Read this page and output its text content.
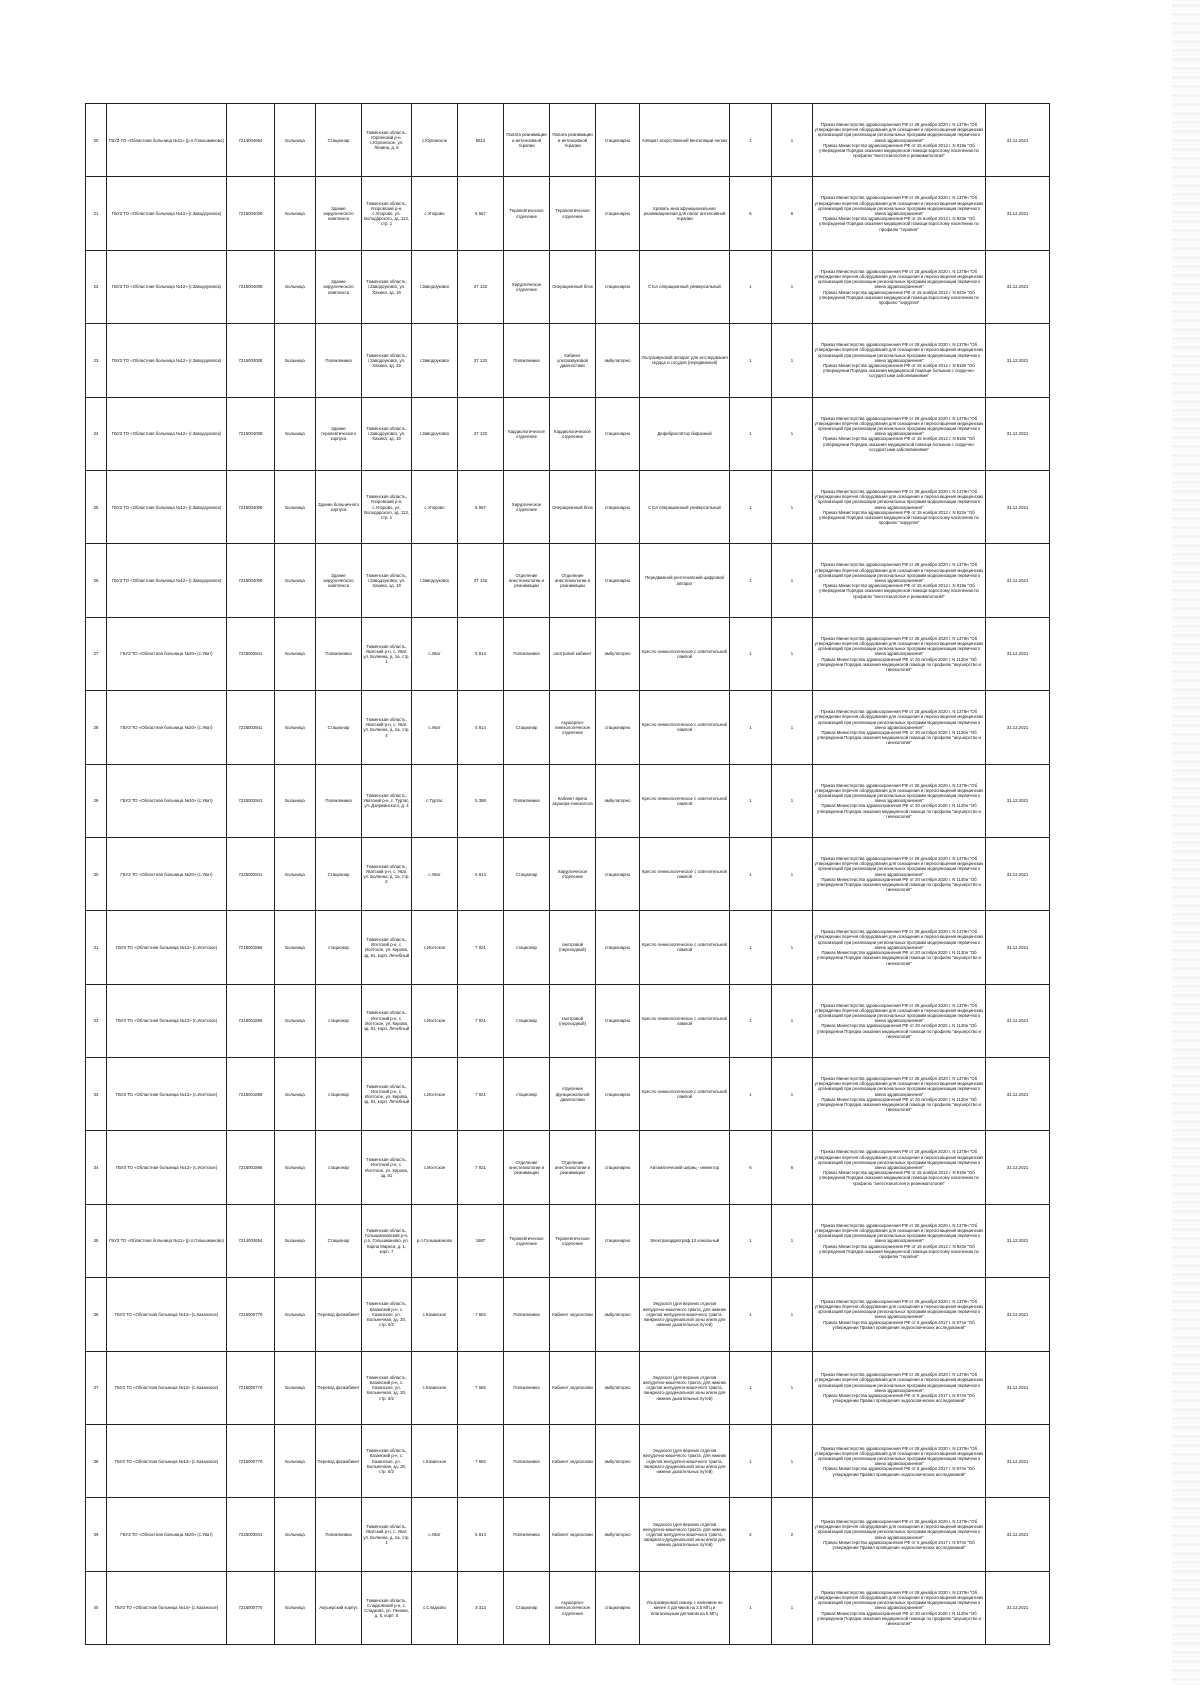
20	ГБУЗ ТО «Областная больница №11» (р.п.Голышманово)	7214004654	Больница	Стационар	Тюменская область, Юргинский р-н, с.Юргинское, ул. Ленина, д. 5	с.Юргинское	5612	Палата реанимации и интенсивной терапии	Палата реанимации и интенсивной терапии	стационарно	Аппарат искусственной вентиляции легких	1	1	Приказ Министерства здравоохранения РФ от 28 декабря 2020 г. N 1379н "Об утверждении перечня оборудования для оснащения и переоснащения медицинских организаций при реализации региональных программ модернизации первичного звена здравоохранения"
Приказ Министерства здравоохранения РФ от 15 ноября 2012 г. N 919н "Об утверждении Порядка оказания медицинской помощи взрослому населению по профилю "анестезиология и реаниматология"	31.12.2021
21	ГБУЗ ТО «Областная больница №12» (г.Заводоуковск)	7215004008	Больница	Здание хирургического комплекса	Тюменская область, Упоровский р-н, с.Упорово, ул. Володарского, зд. 113, стр. 1	с.Упорово	6 567	Терапевтическое отделение	Терапевтическое отделение	стационарно	Кровать многофункциональная реанимационная для палат интенсивной терапии	6	6	Приказ Министерства здравоохранения РФ от 28 декабря 2020 г. N 1379н "Об утверждении перечня оборудования для оснащения и переоснащения медицинских организаций при реализации региональных программ модернизации первичного звена здравоохранения"
Приказ Министерства здравоохранения РФ от 15 ноября 2012 г. N 923н "Об утверждении Порядка оказания медицинской помощи взрослому населению по профилю "терапия"	31.12.2021
22	ГБУЗ ТО «Областная больница №12» (г.Заводоуковск)	7215004008	Больница	Здание хирургического комплекса	Тюменская область, г.Заводоуковск, ул. Хахина, зд. 19	г.Заводоуковск	27 132	Хирургическое отделение	Операционный блок	стационарно	Стол операционный универсальный	1	1	Приказ Министерства здравоохранения РФ от 28 декабря 2020 г. N 1379н "Об утверждении перечня оборудования для оснащения и переоснащения медицинских организаций при реализации региональных программ модернизации первичного звена здравоохранения"
Приказ Министерства здравоохранения РФ от 15 ноября 2012 г. N 922н "Об утверждении Порядка оказания медицинской помощи взрослому населению по профилю "хирургия"	31.12.2021
23	ГБУЗ ТО «Областная больница №12» (г.Заводоуковск)	7215004008	Больница	Поликлиника	Тюменская область, г.Заводоуковск, ул. Хахина, зд. 19	г.Заводоуковск	27 132	Поликлиника	Кабинет ультразвуковой диагностики	амбулаторно	Ультразвуковой аппарат для исследования сердца и сосудов (передвижной)	1	1	Приказ Министерства здравоохранения РФ от 28 декабря 2020 г. N 1379н "Об утверждении перечня оборудования для оснащения и переоснащения медицинских организаций при реализации региональных программ модернизации первичного звена здравоохранения"
Приказ Министерства здравоохранения РФ от 15 ноября 2012 г. N 918н "Об утверждении Порядка оказания медицинской помощи больным с сердечно-сосудистыми заболеваниями"	31.12.2021
24	ГБУЗ ТО «Областная больница №12» (г.Заводоуковск)	7215004008	Больница	Здание терапевтического корпуса	Тюменская область, г.Заводоуковск, ул. Хахина, зд. 19	г.Заводоуковск	27 132	Кардиологическое отделение	Кардиологическое отделение	стационарно	Дефибриллятор бифазный	1	1	Приказ Министерства здравоохранения РФ от 28 декабря 2020 г. N 1379н "Об утверждении перечня оборудования для оснащения и переоснащения медицинских организаций при реализации региональных программ модернизации первичного звена здравоохранения"
Приказ Министерства здравоохранения РФ от 15 ноября 2012 г. N 918н "Об утверждении Порядка оказания медицинской помощи больным с сердечно-сосудистыми заболеваниями"	31.12.2021
25	ГБУЗ ТО «Областная больница №12» (г.Заводоуковск)	7215004008	Больница	Здание больничного корпуса	Тюменская область, Упоровский р-н, с.Упорово, ул. Володарского, зд. 113, стр. 1	с.Упорово	6 567	Хирургическое отделение	Операционный блок	стационарно	Стол операционный универсальный	1	1	Приказ Министерства здравоохранения РФ от 28 декабря 2020 г. N 1379н "Об утверждении перечня оборудования для оснащения и переоснащения медицинских организаций при реализации региональных программ модернизации первичного звена здравоохранения"
Приказ Министерства здравоохранения РФ от 15 ноября 2012 г. N 922н "Об утверждении Порядка оказания медицинской помощи взрослому населению по профилю "хирургия"	31.12.2021
26	ГБУЗ ТО «Областная больница №12» (г.Заводоуковск)	7215004008	Больница	Здание хирургического комплекса	Тюменская область, г.Заводоуковск, ул. Хахина, зд. 19	г.Заводоуковск	27 132	Отделение анестезиологии и реанимации	Отделение анестезиологии и реанимации	стационарно	Передвижной рентгеновский цифровой аппарат	1	1	Приказ Министерства здравоохранения РФ от 28 декабря 2020 г. N 1379н "Об утверждении перечня оборудования для оснащения и переоснащения медицинских организаций при реализации региональных программ модернизации первичного звена здравоохранения"
Приказ Министерства здравоохранения РФ от 15 ноября 2012 г. N 919н "Об утверждении Порядка оказания медицинской помощи взрослому населению по профилю "анестезиология и реаниматология"	31.12.2021
27	ГБУЗ ТО «Областная больница №20» (с.Уват)	7225003941	Больница	Поликлиника	Тюменская область, Уватский р-н, с. Уват, ул. Болнина, д. 1а, стр. 1	с.Уват	5 814	Поликлиника	смотровой кабинет	амбулаторно	Кресло гинекологическое с осветительной лампой	1	1	Приказ Министерства здравоохранения РФ от 28 декабря 2020 г. N 1379н "Об утверждении перечня оборудования для оснащения и переоснащения медицинских организаций при реализации региональных программ модернизации первичного звена здравоохранения"
Приказ Министерства здравоохранения РФ от 20 октября 2020 г. N 1130н "Об утверждении Порядка оказания медицинской помощи по профилю "акушерство и гинекология"	31.12.2021
28	ГБУЗ ТО «Областная больница №20» (с.Уват)	7225003941	Больница	Стационар	Тюменская область, Уватский р-н, с. Уват, ул. Болнина, д. 1а, стр. 4	с.Уват	5 814	Стационар	Акушерско-гинекологическое отделение	стационарно	Кресло гинекологическое с осветительной лампой	1	1	Приказ Министерства здравоохранения РФ от 28 декабря 2020 г. N 1379н "Об утверждении перечня оборудования для оснащения и переоснащения медицинских организаций при реализации региональных программ модернизации первичного звена здравоохранения"
Приказ Министерства здравоохранения РФ от 20 октября 2020 г. N 1130н "Об утверждении Порядка оказания медицинской помощи по профилю "акушерство и гинекология"	31.12.2021
29	ГБУЗ ТО «Областная больница №20» (с.Уват)	7225003941	Больница	Поликлиника	Тюменская область, Уватский р-н, с. Туртас, ул. Дзержинского, д. 4	с.Туртас	5 388	Поликлиника	Кабинет врача акушера-гинеколога	амбулаторно	Кресло гинекологическое с осветительной лампой	1	1	Приказ Министерства здравоохранения РФ от 28 декабря 2020 г. N 1379н "Об утверждении перечня оборудования для оснащения и переоснащения медицинских организаций при реализации региональных программ модернизации первичного звена здравоохранения"
Приказ Министерства здравоохранения РФ от 20 октября 2020 г. N 1130н "Об утверждении Порядка оказания медицинской помощи по профилю "акушерство и гинекология"	31.12.2021
30	ГБУЗ ТО «Областная больница №20» (с.Уват)	7225003941	Больница	Стационар	Тюменская область, Уватский р-н, с. Уват, ул. Болнина, д. 1а, стр. 2	с.Уват	5 814	Стационар	Хирургическое отделение	стационарно	Кресло гинекологическое с осветительной лампой	1	1	Приказ Министерства здравоохранения РФ от 28 декабря 2020 г. N 1379н "Об утверждении перечня оборудования для оснащения и переоснащения медицинских организаций при реализации региональных программ модернизации первичного звена здравоохранения"
Приказ Министерства здравоохранения РФ от 20 октября 2020 г. N 1130н "Об утверждении Порядка оказания медицинской помощи по профилю "акушерство и гинекология"	31.12.2021
31	ГБУЗ ТО «Областная больница №13» (с.Исетское)	7218001866	Больница	стационар	Тюменская область, Исетский р-н, с. Исетское, ул. Кирова, зд. 81, корп. Лечебный	с.Исетское	7 921	стационар	смотровой (переходный)	стационарно	Кресло гинекологическое с осветительной лампой	1	1	Приказ Министерства здравоохранения РФ от 28 декабря 2020 г. N 1379н "Об утверждении перечня оборудования для оснащения и переоснащения медицинских организаций при реализации региональных программ модернизации первичного звена здравоохранения"
Приказ Министерства здравоохранения РФ от 20 октября 2020 г. N 1130н "Об утверждении Порядка оказания медицинской помощи по профилю "акушерство и гинекология"	31.12.2021
32	ГБУЗ ТО «Областная больница №13» (с.Исетское)	7218001866	Больница	стационар	Тюменская область, Исетский р-н, с. Исетское, ул. Кирова, зд. 81, корп. Лечебный	с.Исетское	7 921	стационар	смотровой (переходный)	стационарно	Кресло гинекологическое с осветительной лампой	1	1	Приказ Министерства здравоохранения РФ от 28 декабря 2020 г. N 1379н "Об утверждении перечня оборудования для оснащения и переоснащения медицинских организаций при реализации региональных программ модернизации первичного звена здравоохранения"
Приказ Министерства здравоохранения РФ от 20 октября 2020 г. N 1130н "Об утверждении Порядка оказания медицинской помощи по профилю "акушерство и гинекология"	31.12.2021
33	ГБУЗ ТО «Областная больница №13» (с.Исетское)	7218001866	Больница	стационар	Тюменская область, Исетский р-н, с. Исетское, ул. Кирова, зд. 81, корп. Лечебный	с.Исетское	7 921	стационар	отделение функциональной диагностики	стационарно	Кресло гинекологическое с осветительной лампой	1	1	Приказ Министерства здравоохранения РФ от 28 декабря 2020 г. N 1379н "Об утверждении перечня оборудования для оснащения и переоснащения медицинских организаций при реализации региональных программ модернизации первичного звена здравоохранения"
Приказ Министерства здравоохранения РФ от 20 октября 2020 г. N 1130н "Об утверждении Порядка оказания медицинской помощи по профилю "акушерство и гинекология"	31.12.2021
34	ГБУЗ ТО «Областная больница №13» (с.Исетское)	7218001866	Больница	стационар	Тюменская область, Исетский р-н, с. Исетское, ул. Кирова, зд. 81	с.Исетское	7 921	Отделение анестезиологии и реанимации	Отделение анестезиологии и реанимации	стационарно	Автоматический шприц - инжектор	6	6	Приказ Министерства здравоохранения РФ от 28 декабря 2020 г. N 1379н "Об утверждении перечня оборудования для оснащения и переоснащения медицинских организаций при реализации региональных программ модернизации первичного звена здравоохранения"
Приказ Министерства здравоохранения РФ от 15 ноября 2012 г. N 919н "Об утверждении Порядка оказания медицинской помощи взрослому населению по профилю "анестезиология и реаниматология"	31.12.2021
35	ГБУЗ ТО «Областная больница №11» (р.п.Голышманово)	7214004654	Больница	Стационар	Тюменская область, Голышмановский р-н, р.п. Голышманово, ул. Карла Маркса, д. 1, корп. 7	р.п.Голышманово	1687	Терапевтическое отделение	Терапевтическое отделение	стационарно	Электрокардиограф 12 канальный	1	1	Приказ Министерства здравоохранения РФ от 28 декабря 2020 г. N 1379н "Об утверждении перечня оборудования для оснащения и переоснащения медицинских организаций при реализации региональных программ модернизации первичного звена здравоохранения"
Приказ Министерства здравоохранения РФ от 15 ноября 2012 г. N 923н "Об утверждении Порядка оказания медицинской помощи взрослому населению по профилю "терапия"	31.12.2021
36	ГБУЗ ТО «Областная больница №14» (с.Казанское)	7216000770	Больница	Перевод физкабинет	Тюменская область, Казанский р-н, с. Казанское, ул. Больничная, зд. 20, стр. 6/2	с.Казанское	7 682	Поликлиника	Кабинет эндоскопии	амбулаторно	Эндоскоп (для верхних отделов желудочно-кишечного тракта, для нижних отделов желудочно-кишечного тракта, панкреато-дуоденальной зоны и/или для нижних дыхательных путей)	1	1	Приказ Министерства здравоохранения РФ от 28 декабря 2020 г. N 1379н "Об утверждении перечня оборудования для оснащения и переоснащения медицинских организаций при реализации региональных программ модернизации первичного звена здравоохранения"
Приказ Министерства здравоохранения РФ от 6 декабря 2017 г. N 974н "Об утверждении Правил проведения эндоскопических исследований"	31.12.2021
37	ГБУЗ ТО «Областная больница №14» (с.Казанское)	7216000770	Больница	Перевод физкабинет	Тюменская область, Казанский р-н, с. Казанское, ул. Больничная, зд. 20, стр. 6/2	с.Казанское	7 682	Поликлиника	Кабинет эндоскопии	амбулаторно	Эндоскоп (для верхних отделов желудочно-кишечного тракта, для нижних отделов желудочно-кишечного тракта, панкреато-дуоденальной зоны и/или для нижних дыхательных путей)	1	1	Приказ Министерства здравоохранения РФ от 28 декабря 2020 г. N 1379н "Об утверждении перечня оборудования для оснащения и переоснащения медицинских организаций при реализации региональных программ модернизации первичного звена здравоохранения"
Приказ Министерства здравоохранения РФ от 6 декабря 2017 г. N 974н "Об утверждении Правил проведения эндоскопических исследований"	31.12.2021
38	ГБУЗ ТО «Областная больница №14» (с.Казанское)	7216000770	Больница	Перевод физкабинет	Тюменская область, Казанский р-н, с. Казанское, ул. Больничная, зд. 20, стр. 6/2	с.Казанское	7 682	Поликлиника	Кабинет эндоскопии	амбулаторно	Эндоскоп (для верхних отделов желудочно-кишечного тракта, для нижних отделов желудочно-кишечного тракта, панкреато-дуоденальной зоны и/или для нижних дыхательных путей)	1	1	Приказ Министерства здравоохранения РФ от 28 декабря 2020 г. N 1379н "Об утверждении перечня оборудования для оснащения и переоснащения медицинских организаций при реализации региональных программ модернизации первичного звена здравоохранения"
Приказ Министерства здравоохранения РФ от 6 декабря 2017 г. N 974н "Об утверждении Правил проведения эндоскопических исследований"	31.12.2021
39	ГБУЗ ТО «Областная больница №20» (с.Уват)	7225003941	Больница	Поликлиника	Тюменская область, Уватский р-н, с. Уват, ул. Болнина, д. 1а, стр. 1	с.Уват	5 814	Поликлиника	Кабинет эндоскопии	амбулаторно	Эндоскоп (для верхних отделов желудочно-кишечного тракта, для нижних отделов желудочно-кишечного тракта, панкреато-дуоденальной зоны и/или для нижних дыхательных путей)	2	2	Приказ Министерства здравоохранения РФ от 28 декабря 2020 г. N 1379н "Об утверждении перечня оборудования для оснащения и переоснащения медицинских организаций при реализации региональных программ модернизации первичного звена здравоохранения"
Приказ Министерства здравоохранения РФ от 6 декабря 2017 г. N 974н "Об утверждении Правил проведения эндоскопических исследований"	31.12.2021
40	ГБУЗ ТО «Областная больница №14» (с.Казанское)	7216000770	Больница	Акушерский корпус	Тюменская область, Сладковский р-н, с. Сладково, ул. Ленина, д. 5, корп. 5	с.Сладково	3 313	Стационар	Акушерско-гинекологическое отделение	стационарно	Ультразвуковой сканер с наличием не менее 4 датчиков на 3,5 МГц и влагалищным датчиком на 5 МГц	1	1	Приказ Министерства здравоохранения РФ от 28 декабря 2020 г. N 1379н "Об утверждении перечня оборудования для оснащения и переоснащения медицинских организаций при реализации региональных программ модернизации первичного звена здравоохранения"
Приказ Министерства здравоохранения РФ от 20 октября 2020 г. N 1130н "Об утверждении Порядка оказания медицинской помощи по профилю "акушерство и гинекология"	31.12.2021
